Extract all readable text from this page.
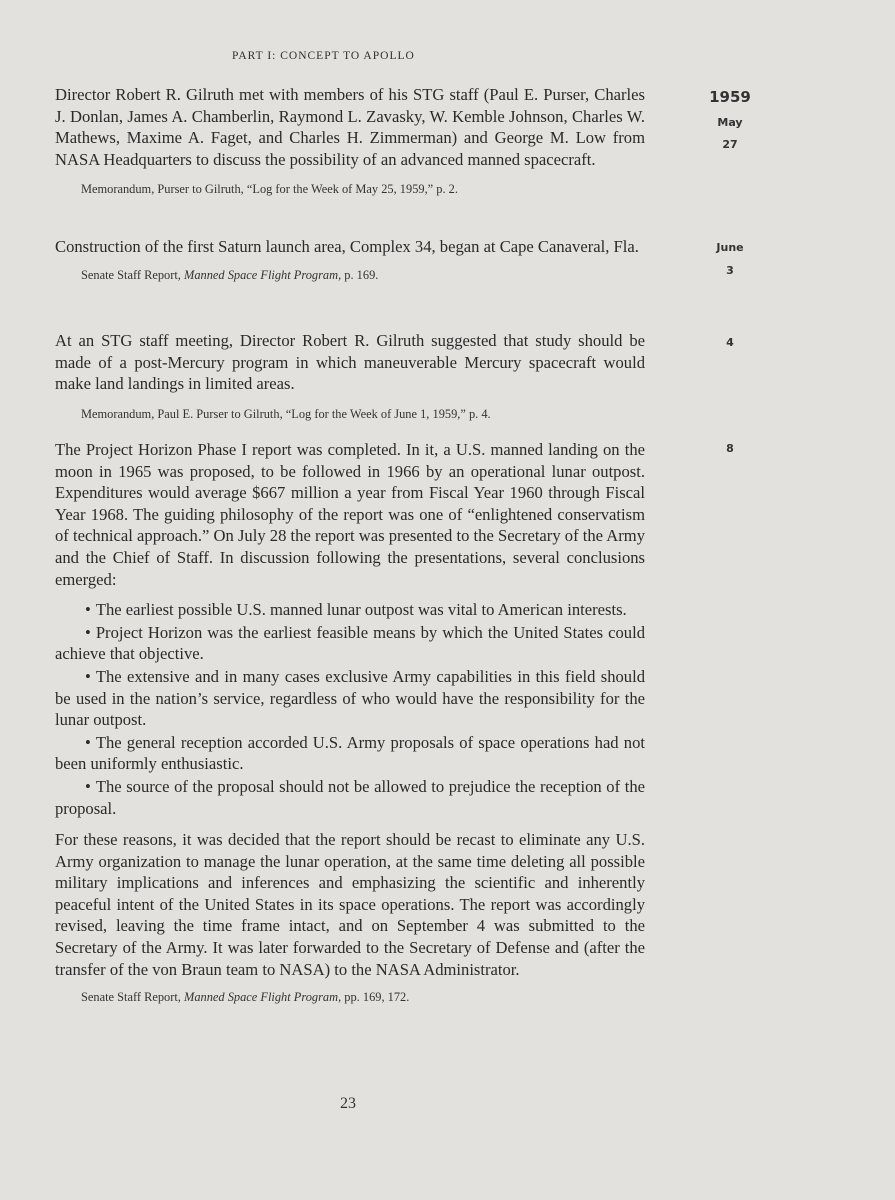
PART I: CONCEPT TO APOLLO

Director Robert R. Gilruth met with members of his STG staff (Paul E. Purser, Charles J. Donlan, James A. Chamberlin, Raymond L. Zavasky, W. Kemble Johnson, Charles W. Mathews, Maxime A. Faget, and Charles H. Zimmerman) and George M. Low from NASA Headquarters to discuss the possibility of an advanced manned spacecraft.

Memorandum, Purser to Gilruth, “Log for the Week of May 25, 1959,” p. 2.

1959
May
27

Construction of the first Saturn launch area, Complex 34, began at Cape Canaveral, Fla.

Senate Staff Report, Manned Space Flight Program, p. 169.

June
3

At an STG staff meeting, Director Robert R. Gilruth suggested that study should be made of a post-Mercury program in which maneuverable Mercury spacecraft would make land landings in limited areas.

Memorandum, Paul E. Purser to Gilruth, “Log for the Week of June 1, 1959,” p. 4.

4

The Project Horizon Phase I report was completed. In it, a U.S. manned landing on the moon in 1965 was proposed, to be followed in 1966 by an operational lunar outpost. Expenditures would average $667 million a year from Fiscal Year 1960 through Fiscal Year 1968. The guiding philosophy of the report was one of “enlightened conservatism of technical approach.” On July 28 the report was presented to the Secretary of the Army and the Chief of Staff. In discussion following the presentations, several conclusions emerged:

• The earliest possible U.S. manned lunar outpost was vital to American interests.
• Project Horizon was the earliest feasible means by which the United States could achieve that objective.
• The extensive and in many cases exclusive Army capabilities in this field should be used in the nation’s service, regardless of who would have the responsibility for the lunar outpost.
• The general reception accorded U.S. Army proposals of space operations had not been uniformly enthusiastic.
• The source of the proposal should not be allowed to prejudice the reception of the proposal.

For these reasons, it was decided that the report should be recast to eliminate any U.S. Army organization to manage the lunar operation, at the same time deleting all possible military implications and inferences and emphasizing the scientific and inherently peaceful intent of the United States in its space operations. The report was accordingly revised, leaving the time frame intact, and on September 4 was submitted to the Secretary of the Army. It was later forwarded to the Secretary of Defense and (after the transfer of the von Braun team to NASA) to the NASA Administrator.

Senate Staff Report, Manned Space Flight Program, pp. 169, 172.

8
23
